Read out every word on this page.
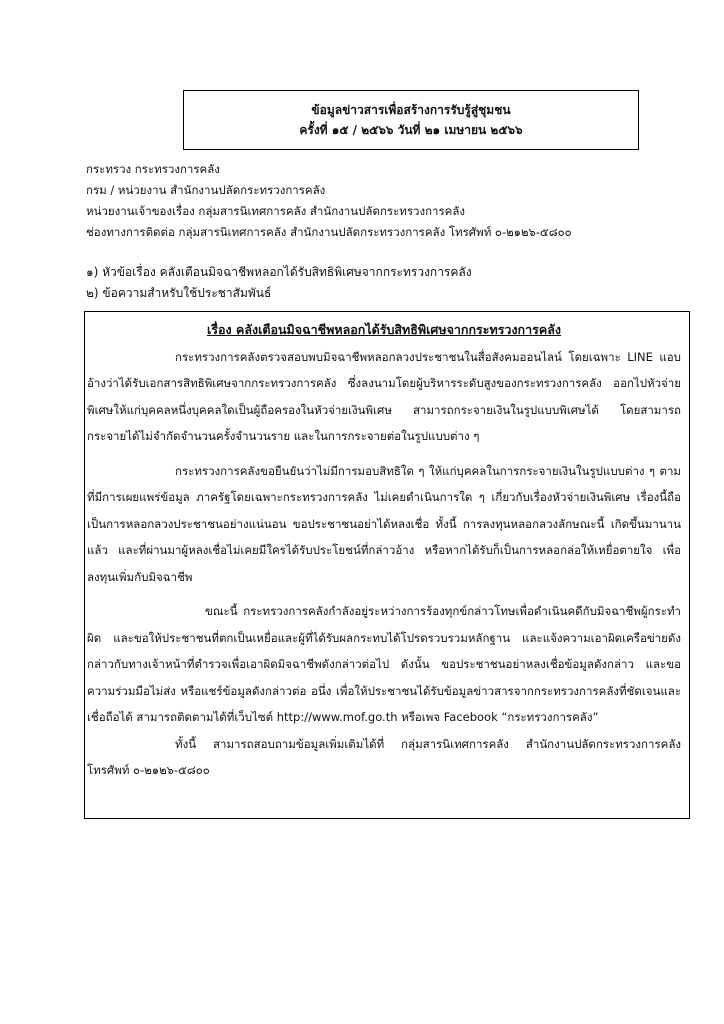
ข้อมูลข่าวสารเพื่อสร้างการรับรู้สู่ชุมชน
ครั้งที่ ๑๕ / ๒๕๖๖ วันที่ ๒๑ เมษายน ๒๕๖๖
กระทรวง กระทรวงการคลัง
กรม / หน่วยงาน สำนักงานปลัดกระทรวงการคลัง
หน่วยงานเจ้าของเรื่อง กลุ่มสารนิเทศการคลัง สำนักงานปลัดกระทรวงการคลัง
ช่องทางการติดต่อ กลุ่มสารนิเทศการคลัง สำนักงานปลัดกระทรวงการคลัง โทรศัพท์ ๐-๒๑๒๖-๕๘๐๐
๑) หัวข้อเรื่อง คลังเตือนมิจฉาชีพหลอกได้รับสิทธิพิเศษจากกระทรวงการคลัง
๒) ข้อความสำหรับใช้ประชาสัมพันธ์
เรื่อง คลังเตือนมิจฉาชีพหลอกได้รับสิทธิพิเศษจากกระทรวงการคลัง

กระทรวงการคลังตรวจสอบพบมิจฉาชีพหลอกลวงประชาชนในสื่อสังคมออนไลน์ โดยเฉพาะ LINE แอบอ้างว่าได้รับเอกสารสิทธิพิเศษจากกระทรวงการคลัง ซึ่งลงนามโดยผู้บริหารระดับสูงของกระทรวงการคลัง ออกไปหัวจ่ายพิเศษให้แก่บุคคลหนึ่งบุคคลใดเป็นผู้ถือครองในหัวจ่ายเงินพิเศษ สามารถกระจายเงินในรูปแบบพิเศษได้ โดยสามารถกระจายได้ไม่จำกัดจำนวนครั้งจำนวนราย และในการกระจายต่อในรูปแบบต่าง ๆ

กระทรวงการคลังขอยืนยันว่าไม่มีการมอบสิทธิใด ๆ ให้แก่บุคคลในการกระจายเงินในรูปแบบต่าง ๆ ตามที่มีการเผยแพร่ข้อมูล ภาครัฐโดยเฉพาะกระทรวงการคลัง ไม่เคยดำเนินการใด ๆ เกี่ยวกับเรื่องหัวจ่ายเงินพิเศษ เรื่องนี้ถือเป็นการหลอกลวงประชาชนอย่างแน่นอน ขอประชาชนอย่าได้หลงเชื่อ ทั้งนี้ การลงทุนหลอกลวงลักษณะนี้ เกิดขึ้นมานานแล้ว และที่ผ่านมาผู้หลงเชื่อไม่เคยมีใครได้รับประโยชน์ที่กล่าวอ้าง หรือหากได้รับก็เป็นการหลอกล่อให้เหยื่อตายใจ เพื่อลงทุนเพิ่มกับมิจฉาชีพ

ขณะนี้ กระทรวงการคลังกำลังอยู่ระหว่างการร้องทุกข์กล่าวโทษเพื่อดำเนินคดีกับมิจฉาชีพผู้กระทำผิด และขอให้ประชาชนที่ตกเป็นเหยื่อและผู้ที่ได้รับผลกระทบได้โปรดรวบรวมหลักฐาน และแจ้งความเอาผิดเครือข่ายดังกล่าวกับทางเจ้าหน้าที่ตำรวจเพื่อเอาผิดมิจฉาชีพดังกล่าวต่อไป ดังนั้น ขอประชาชนอย่าหลงเชื่อข้อมูลดังกล่าว และขอความร่วมมือไม่ส่ง หรือแชร์ข้อมูลดังกล่าวต่อ อนึ่ง เพื่อให้ประชาชนได้รับข้อมูลข่าวสารจากกระทรวงการคลังที่ชัดเจนและเชื่อถือได้ สามารถติดตามได้ที่เว็บไซต์ http://www.mof.go.th หรือเพจ Facebook “กระทรวงการคลัง”

ทั้งนี้ สามารถสอบถามข้อมูลเพิ่มเติมได้ที่ กลุ่มสารนิเทศการคลัง สำนักงานปลัดกระทรวงการคลัง โทรศัพท์ ๐-๒๑๒๖-๕๘๐๐
